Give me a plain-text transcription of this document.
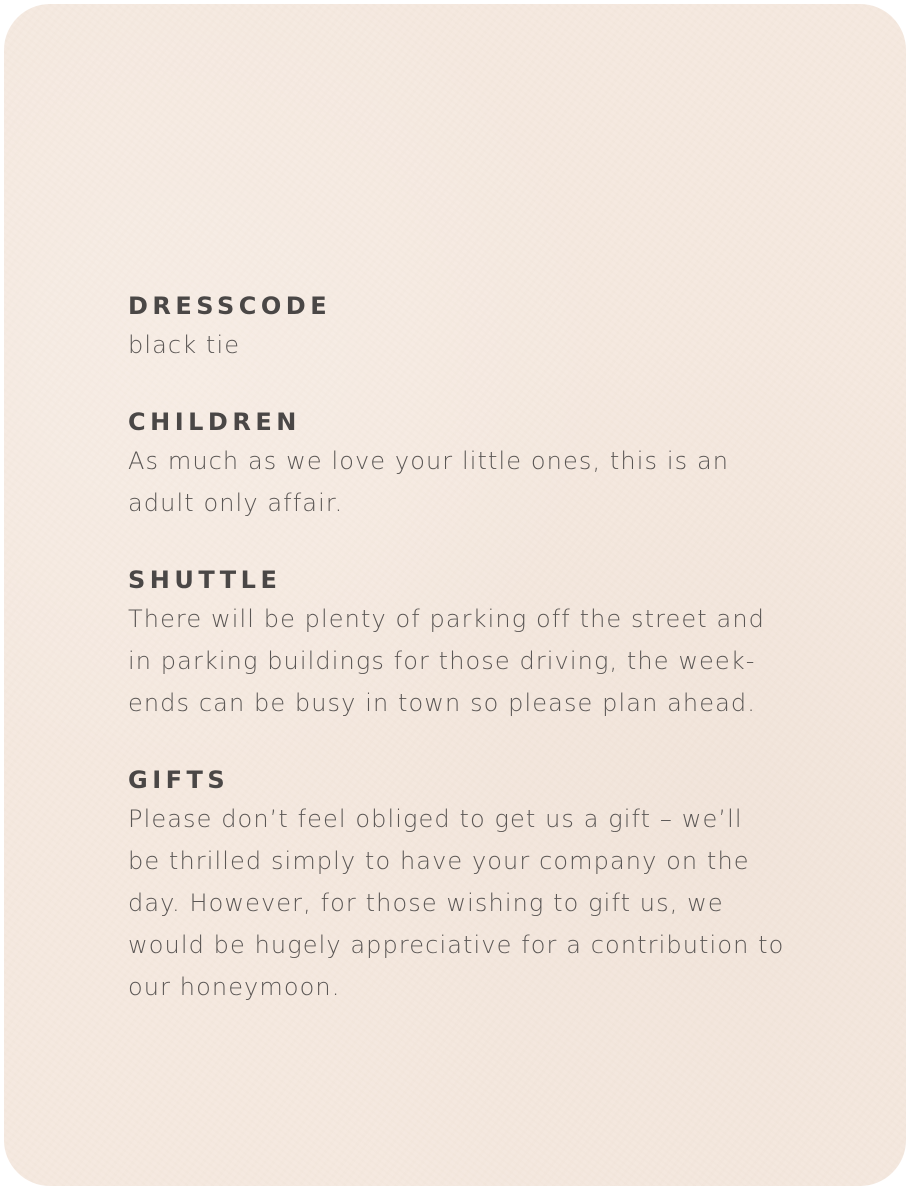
DRESSCODE

black tie

CHILDREN

As much as we love your little ones, this is an

adult only affair.

SHUTTLE

There will be plenty of parking off the street and

in parking buildings for those driving, the week-

ends can be busy in town so please plan ahead.

GIFTS

Please don’t feel obliged to get us a gift – we’ll

be thrilled simply to have your company on the

day. However, for those wishing to gift us, we

would be hugely appreciative for a contribution to

our honeymoon.
